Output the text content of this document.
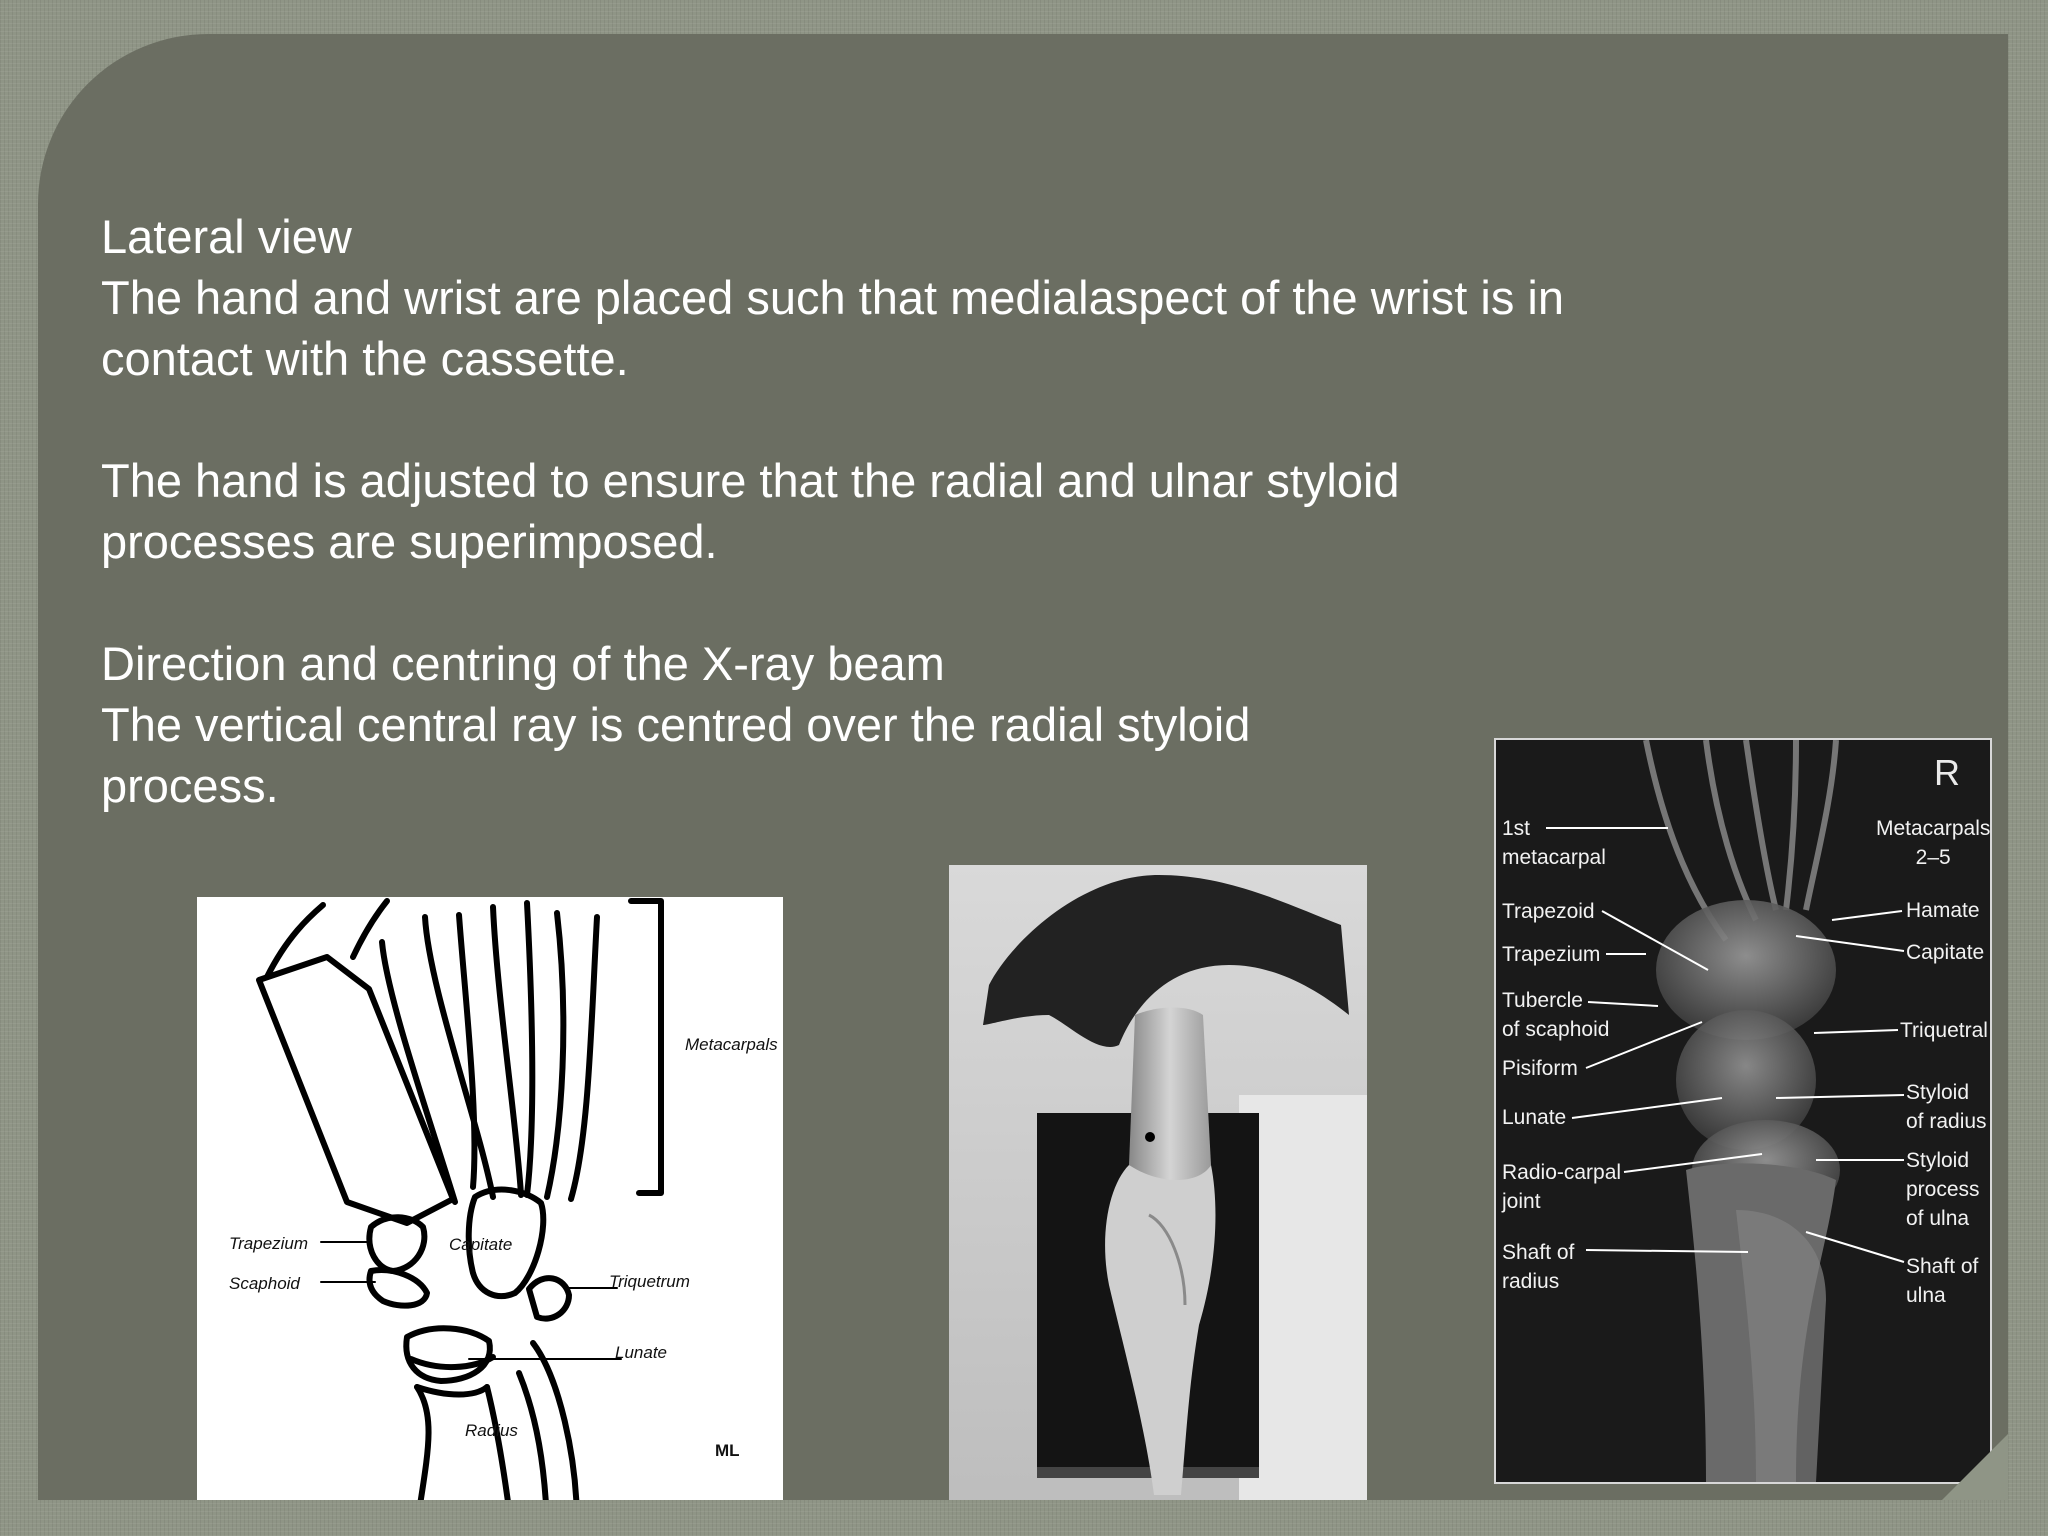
Lateral view

The hand and wrist are placed such that medialaspect of the wrist is in

contact with the cassette.

The hand is adjusted to ensure that the radial and ulnar styloid

processes are superimposed.

Direction and centring of the X-ray beam

The vertical central ray is centred over the radial styloid

process.

Metacarpals
Trapezium	Capitate
Scaphoid	Triquetrum
Lunate
Radius
ML
R
1st
metacarpal
Trapezoid
Trapezium
Tubercle
of scaphoid
Pisiform
Lunate
Radio-carpal
joint
Shaft of
radius
Metacarpals
2–5
Hamate
Capitate
Triquetral
Styloid
of radius
Styloid
process
of ulna
Shaft of
ulna
